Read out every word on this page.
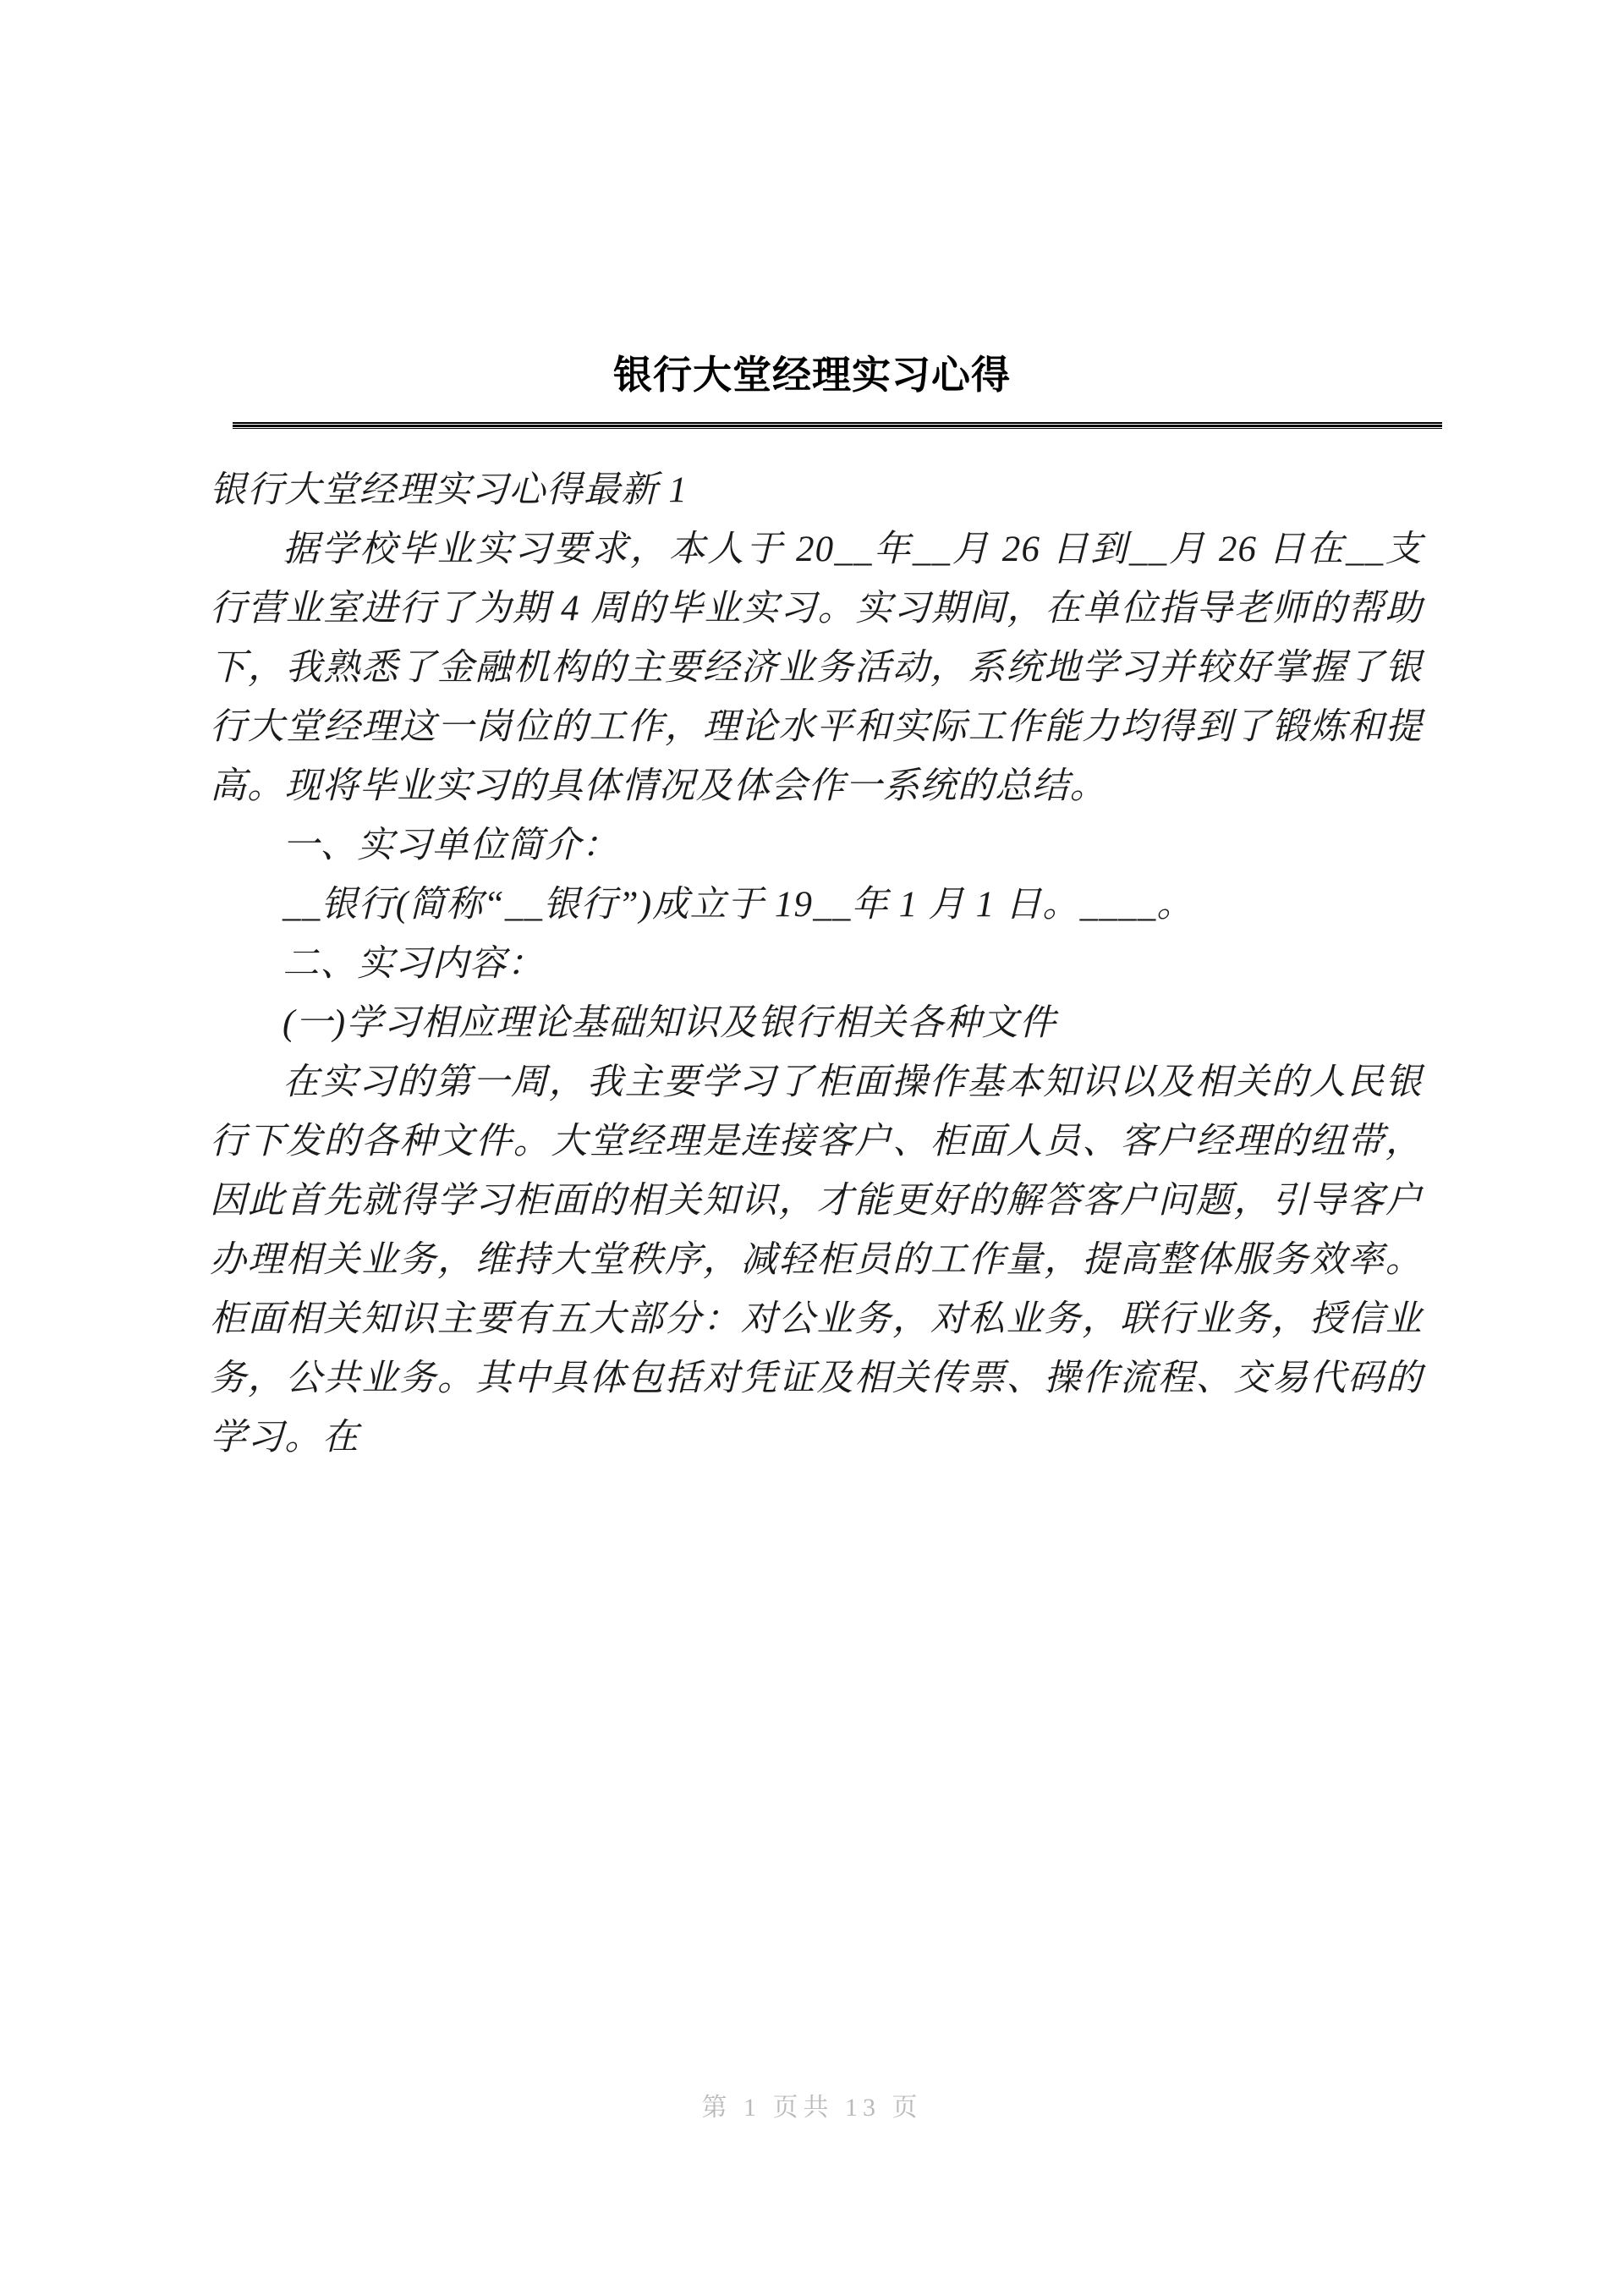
银行大堂经理实习心得

银行大堂经理实习心得最新 1

据学校毕业实习要求，本人于 20__年__月 26 日到__月 26 日在__支行营业室进行了为期 4 周的毕业实习。实习期间，在单位指导老师的帮助下，我熟悉了金融机构的主要经济业务活动，系统地学习并较好掌握了银行大堂经理这一岗位的工作，理论水平和实际工作能力均得到了锻炼和提高。现将毕业实习的具体情况及体会作一系统的总结。

一、实习单位简介：

__银行(简称“__银行”)成立于 19__年 1 月 1 日。____。

二、实习内容：

(一)学习相应理论基础知识及银行相关各种文件

在实习的第一周，我主要学习了柜面操作基本知识以及相关的人民银行下发的各种文件。大堂经理是连接客户、柜面人员、客户经理的纽带，因此首先就得学习柜面的相关知识，才能更好的解答客户问题，引导客户办理相关业务，维持大堂秩序，减轻柜员的工作量，提高整体服务效率。柜面相关知识主要有五大部分：对公业务，对私业务，联行业务，授信业务，公共业务。其中具体包括对凭证及相关传票、操作流程、交易代码的学习。在

第 1 页共 13 页
